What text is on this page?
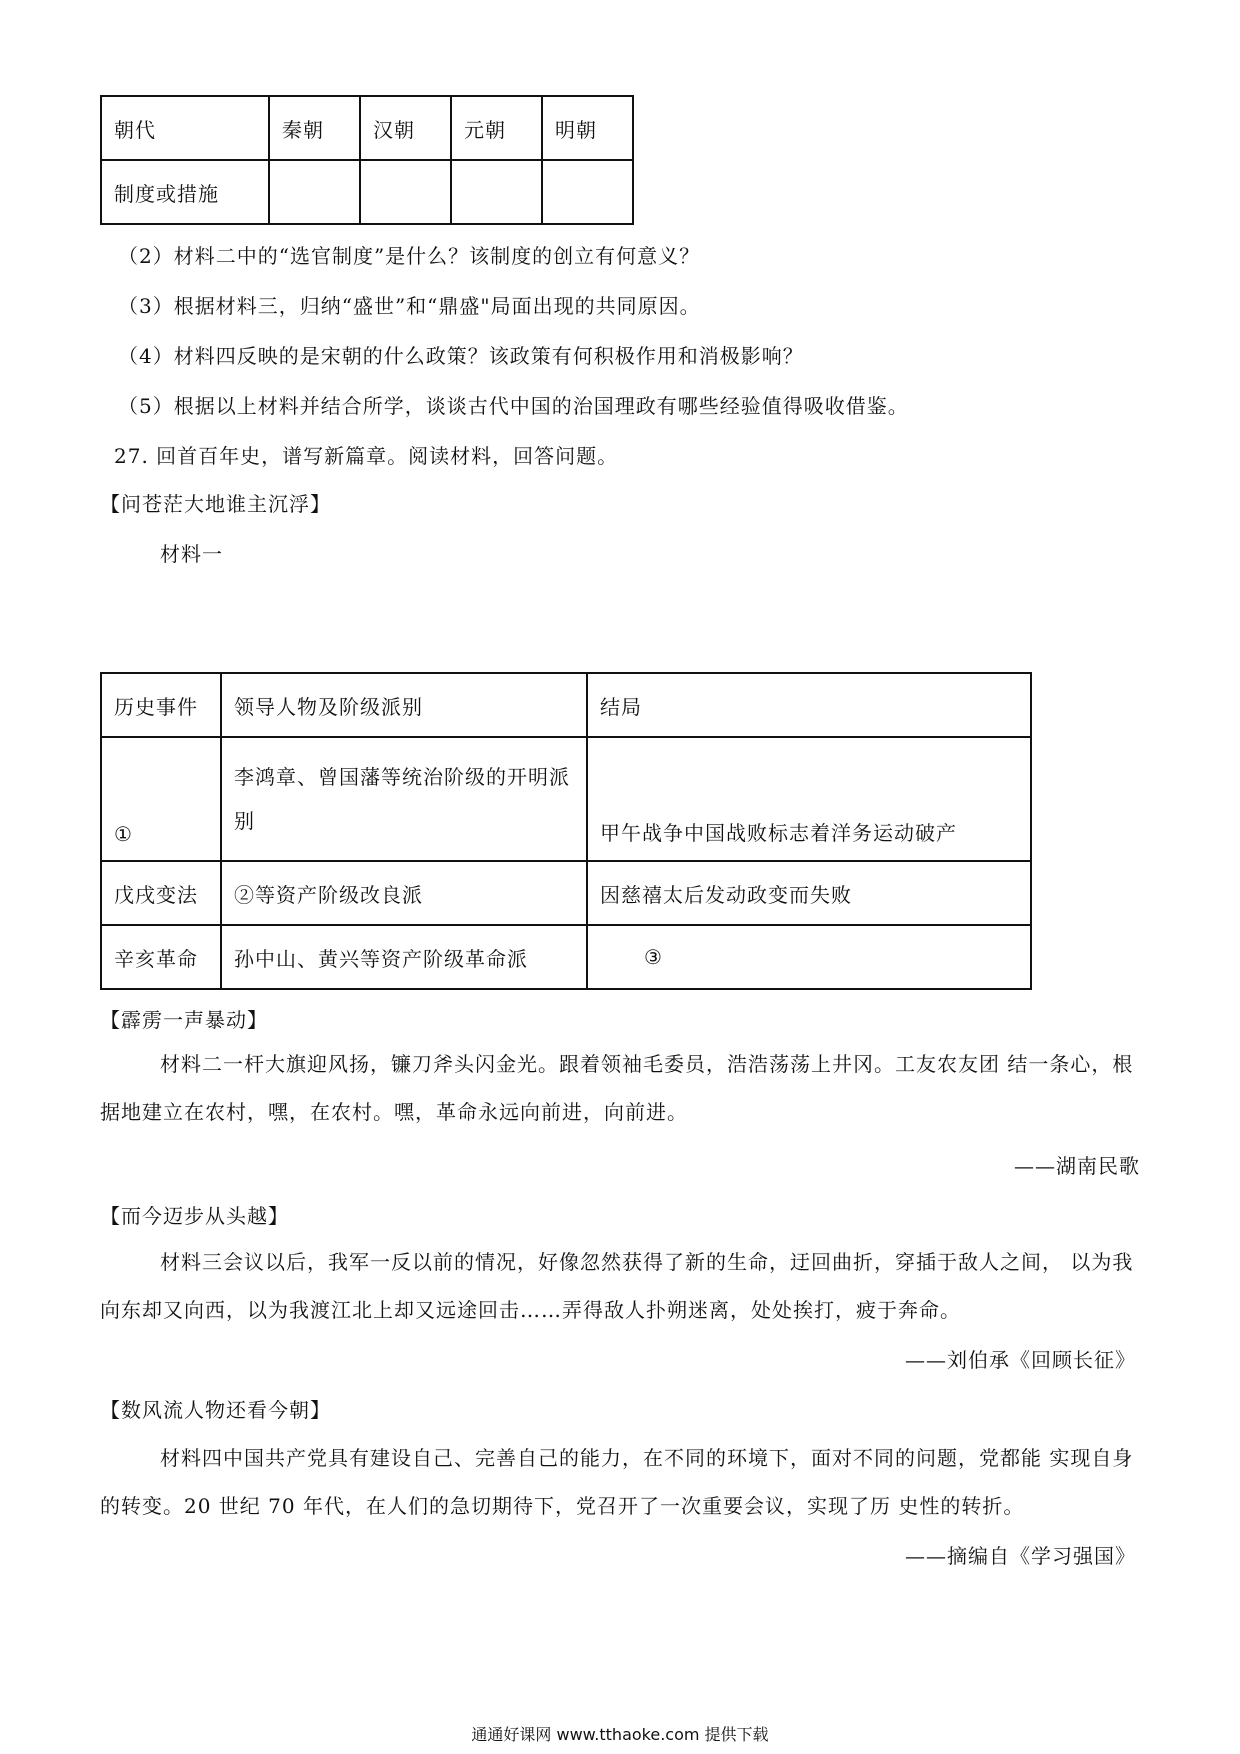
朝代	秦朝	汉朝	元朝	明朝
制度或措施				
（2）材料二中的“选官制度”是什么？该制度的创立有何意义？
（3）根据材料三，归纳“盛世”和“鼎盛"局面出现的共同原因。
（4）材料四反映的是宋朝的什么政策？该政策有何积极作用和消极影响？
（5）根据以上材料并结合所学，谈谈古代中国的治国理政有哪些经验值得吸收借鉴。
27. 回首百年史，谱写新篇章。阅读材料，回答问题。
【问苍茫大地谁主沉浮】
材料一
历史事件	领导人物及阶级派别	结局
①	李鸿章、曾国藩等统治阶级的开明派别	甲午战争中国战败标志着洋务运动破产
戊戌变法	②等资产阶级改良派	因慈禧太后发动政变而失败
辛亥革命	孙中山、黄兴等资产阶级革命派	③
【霹雳一声暴动】
材料二一杆大旗迎风扬，镰刀斧头闪金光。跟着领袖毛委员，浩浩荡荡上井冈。工友农友团 结一条心，根据地建立在农村，嘿，在农村。嘿，革命永远向前进，向前进。
——湖南民歌
【而今迈步从头越】
材料三会议以后，我军一反以前的情况，好像忽然获得了新的生命，迂回曲折，穿插于敌人之间， 以为我向东却又向西，以为我渡江北上却又远途回击……弄得敌人扑朔迷离，处处挨打，疲于奔命。
——刘伯承《回顾长征》
【数风流人物还看今朝】
材料四中国共产党具有建设自己、完善自己的能力，在不同的环境下，面对不同的问题，党都能 实现自身的转变。20 世纪 70 年代，在人们的急切期待下，党召开了一次重要会议，实现了历 史性的转折。
——摘编自《学习强国》
通通好课网 www.tthaoke.com 提供下载
